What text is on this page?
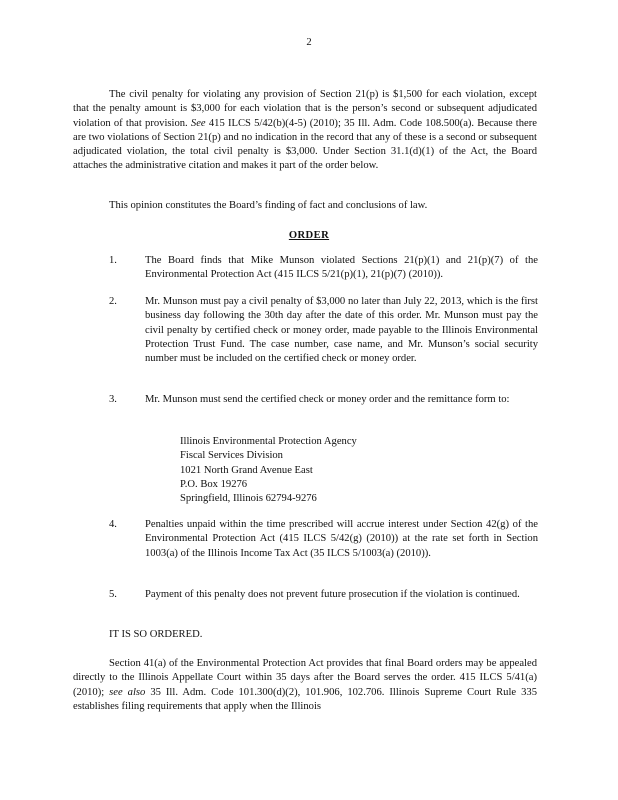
2

The civil penalty for violating any provision of Section 21(p) is $1,500 for each violation, except that the penalty amount is $3,000 for each violation that is the person’s second or subsequent adjudicated violation of that provision. See 415 ILCS 5/42(b)(4-5) (2010); 35 Ill. Adm. Code 108.500(a). Because there are two violations of Section 21(p) and no indication in the record that any of these is a second or subsequent adjudicated violation, the total civil penalty is $3,000. Under Section 31.1(d)(1) of the Act, the Board attaches the administrative citation and makes it part of the order below.

This opinion constitutes the Board’s finding of fact and conclusions of law.

ORDER

1.	The Board finds that Mike Munson violated Sections 21(p)(1) and 21(p)(7) of the Environmental Protection Act (415 ILCS 5/21(p)(1), 21(p)(7) (2010)).

2.	Mr. Munson must pay a civil penalty of $3,000 no later than July 22, 2013, which is the first business day following the 30th day after the date of this order. Mr. Munson must pay the civil penalty by certified check or money order, made payable to the Illinois Environmental Protection Trust Fund. The case number, case name, and Mr. Munson’s social security number must be included on the certified check or money order.

3.	Mr. Munson must send the certified check or money order and the remittance form to:

Illinois Environmental Protection Agency
Fiscal Services Division
1021 North Grand Avenue East
P.O. Box 19276
Springfield, Illinois 62794-9276

4.	Penalties unpaid within the time prescribed will accrue interest under Section 42(g) of the Environmental Protection Act (415 ILCS 5/42(g) (2010)) at the rate set forth in Section 1003(a) of the Illinois Income Tax Act (35 ILCS 5/1003(a) (2010)).

5.	Payment of this penalty does not prevent future prosecution if the violation is continued.

IT IS SO ORDERED.

Section 41(a) of the Environmental Protection Act provides that final Board orders may be appealed directly to the Illinois Appellate Court within 35 days after the Board serves the order. 415 ILCS 5/41(a) (2010); see also 35 Ill. Adm. Code 101.300(d)(2), 101.906, 102.706. Illinois Supreme Court Rule 335 establishes filing requirements that apply when the Illinois
